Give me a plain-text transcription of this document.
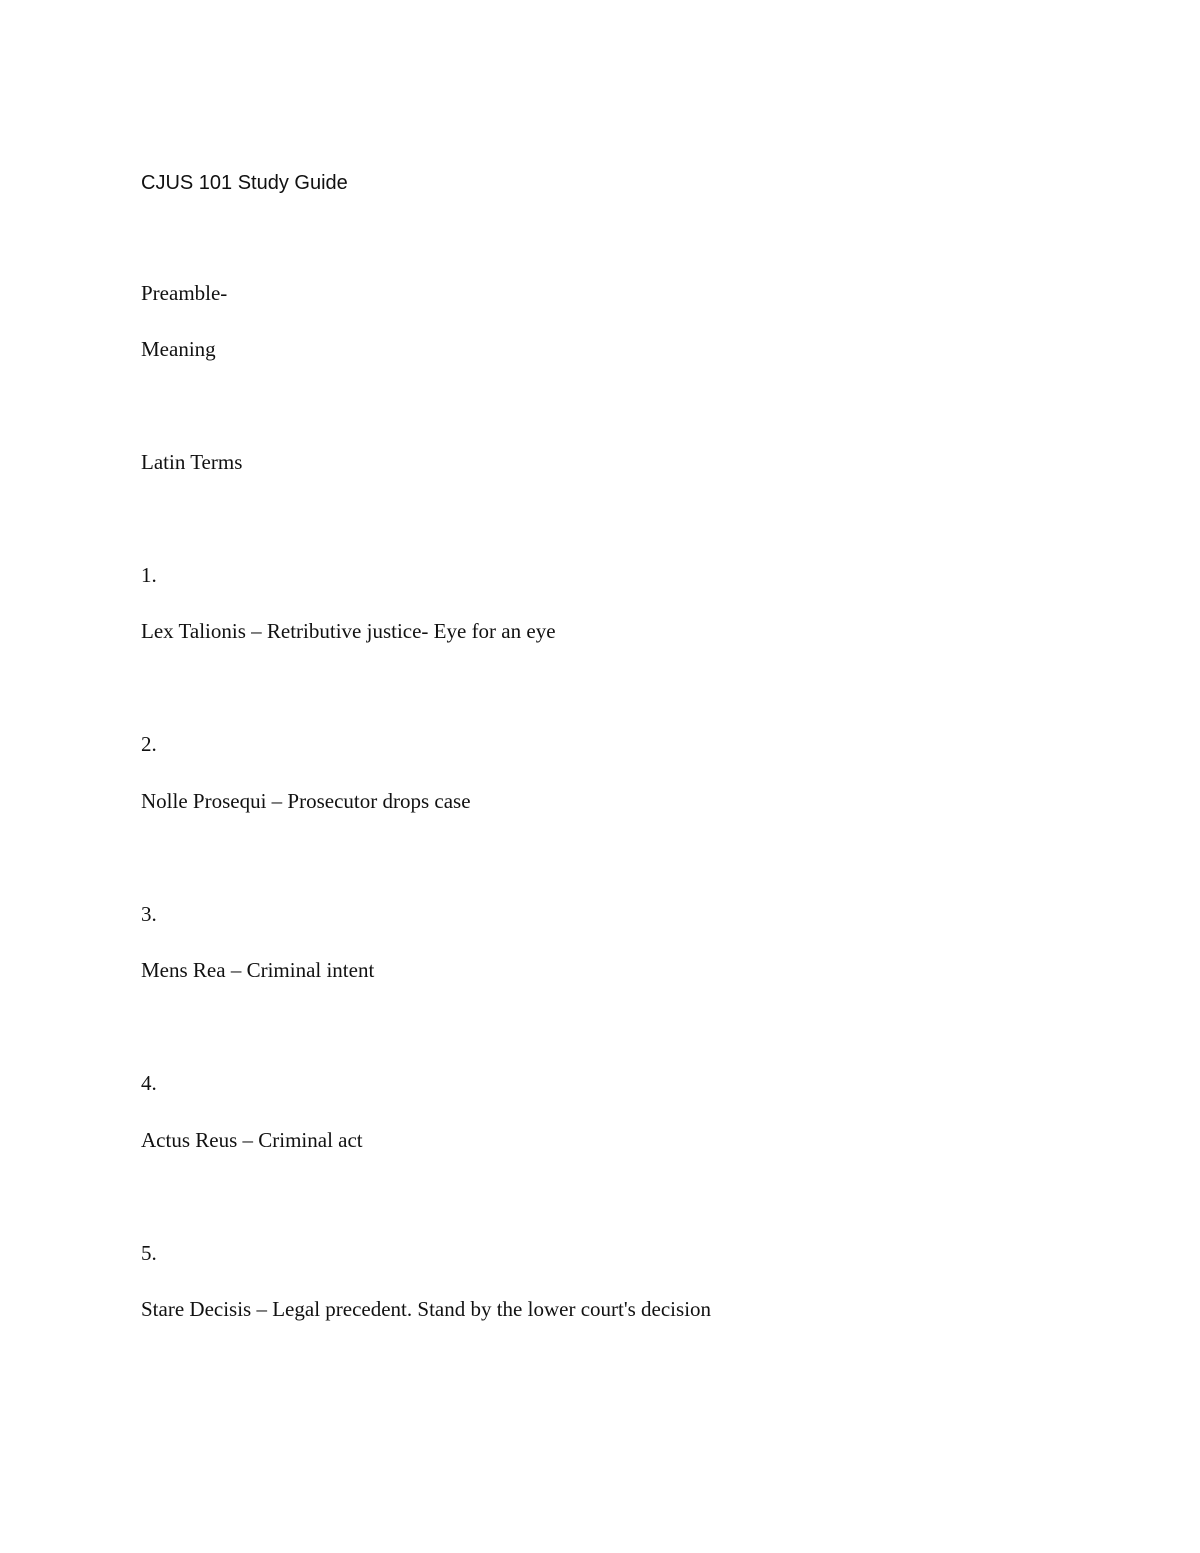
CJUS 101 Study Guide

Preamble-

Meaning

Latin Terms

1.

Lex Talionis – Retributive justice- Eye for an eye

2.

Nolle Prosequi – Prosecutor drops case

3.

Mens Rea – Criminal intent

4.

Actus Reus – Criminal act

5.

Stare Decisis – Legal precedent. Stand by the lower court's decision
